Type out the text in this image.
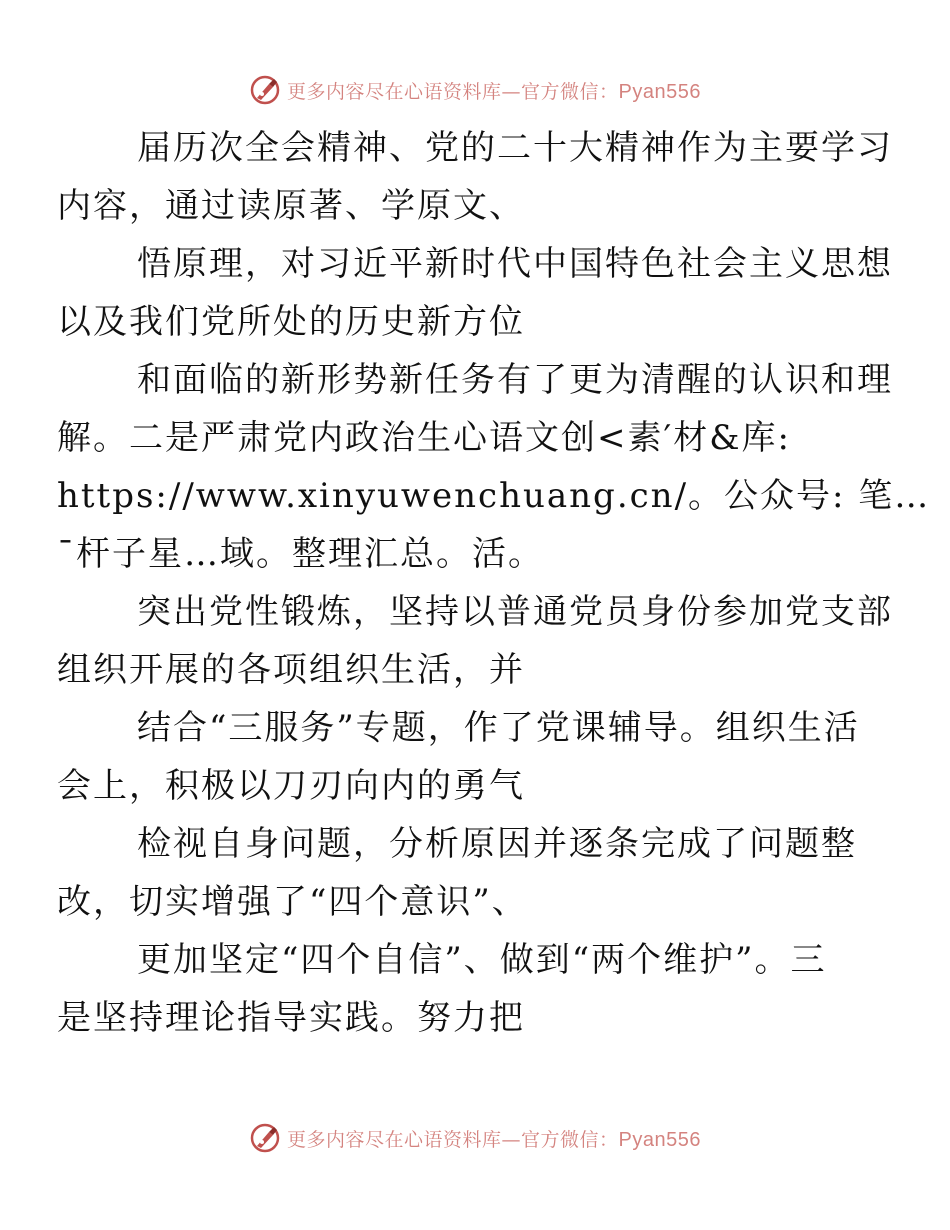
更多内容尽在心语资料库—官方微信：Pyan556

届历次全会精神、党的二十大精神作为主要学习
内容，通过读原著、学原文、

悟原理，对习近平新时代中国特色社会主义思想
以及我们党所处的历史新方位

和面临的新形势新任务有了更为清醒的认识和理
解。二是严肃党内政治生心语文创<素′材&库:
https://www.xinyuwenchuang.cn/。公众号: 笔…
¯杆子星…域。整理汇总。活。

突出党性锻炼，坚持以普通党员身份参加党支部
组织开展的各项组织生活，并

结合“三服务”专题，作了党课辅导。组织生活
会上，积极以刀刃向内的勇气

检视自身问题，分析原因并逐条完成了问题整
改，切实增强了“四个意识”、

更加坚定“四个自信”、做到“两个维护”。三
是坚持理论指导实践。努力把

更多内容尽在心语资料库—官方微信：Pyan556
